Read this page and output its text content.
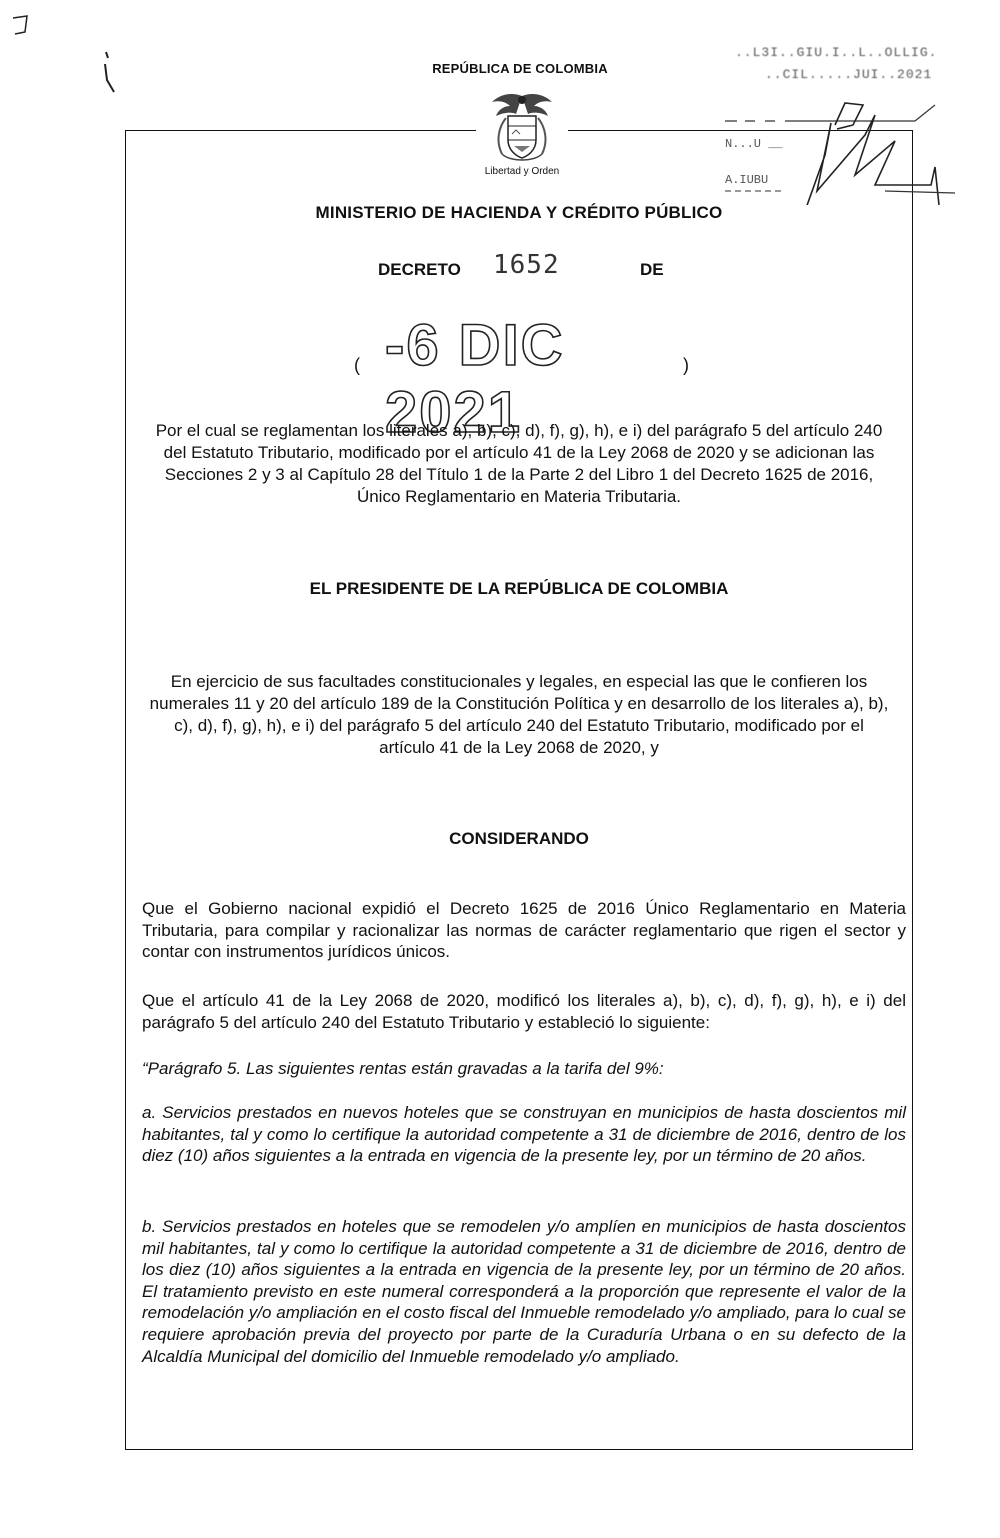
REPÚBLICA DE COLOMBIA
Libertad y Orden
..L3I..GIU.I..L..OLLIG.
..CIL.....JUI..2021
N...U __
A.IUBU
MINISTERIO DE HACIENDA Y CRÉDITO PÚBLICO
DECRETO 1652	DE
( -6 DIC 2021
)
Por el cual se reglamentan los literales a), b), c), d), f), g), h), e i) del parágrafo 5 del artículo 240 del Estatuto Tributario, modificado por el artículo 41 de la Ley 2068 de 2020 y se adicionan las Secciones 2 y 3 al Capítulo 28 del Título 1 de la Parte 2 del Libro 1 del Decreto 1625 de 2016, Único Reglamentario en Materia Tributaria.
EL PRESIDENTE DE LA REPÚBLICA DE COLOMBIA
En ejercicio de sus facultades constitucionales y legales, en especial las que le confieren los numerales 11 y 20 del artículo 189 de la Constitución Política y en desarrollo de los literales a), b), c), d), f), g), h), e i) del parágrafo 5 del artículo 240 del Estatuto Tributario, modificado por el artículo 41 de la Ley 2068 de 2020, y
CONSIDERANDO
Que el Gobierno nacional expidió el Decreto 1625 de 2016 Único Reglamentario en Materia Tributaria, para compilar y racionalizar las normas de carácter reglamentario que rigen el sector y contar con instrumentos jurídicos únicos.
Que el artículo 41 de la Ley 2068 de 2020, modificó los literales a), b), c), d), f), g), h), e i) del parágrafo 5 del artículo 240 del Estatuto Tributario y estableció lo siguiente:
“Parágrafo 5. Las siguientes rentas están gravadas a la tarifa del 9%:
a. Servicios prestados en nuevos hoteles que se construyan en municipios de hasta doscientos mil habitantes, tal y como lo certifique la autoridad competente a 31 de diciembre de 2016, dentro de los diez (10) años siguientes a la entrada en vigencia de la presente ley, por un término de 20 años.
b. Servicios prestados en hoteles que se remodelen y/o amplíen en municipios de hasta doscientos mil habitantes, tal y como lo certifique la autoridad competente a 31 de diciembre de 2016, dentro de los diez (10) años siguientes a la entrada en vigencia de la presente ley, por un término de 20 años. El tratamiento previsto en este numeral corresponderá a la proporción que represente el valor de la remodelación y/o ampliación en el costo fiscal del Inmueble remodelado y/o ampliado, para lo cual se requiere aprobación previa del proyecto por parte de la Curaduría Urbana o en su defecto de la Alcaldía Municipal del domicilio del Inmueble remodelado y/o ampliado.
